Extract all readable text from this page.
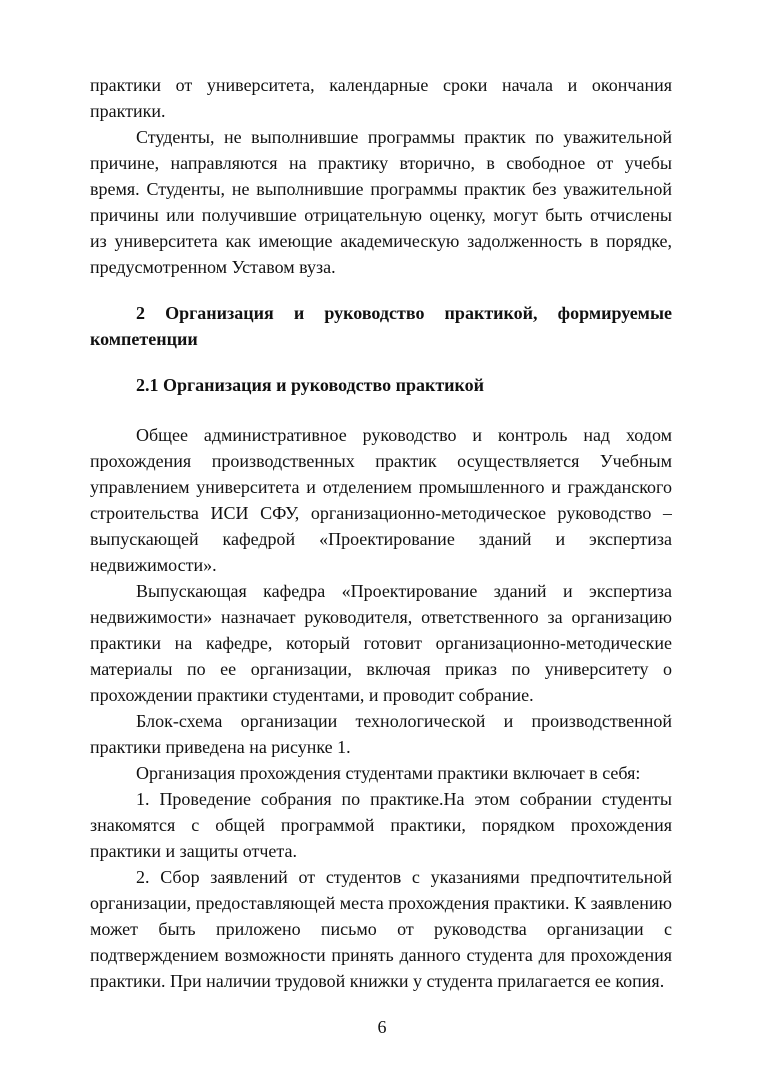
практики от университета, календарные сроки начала и окончания
практики.
Студенты, не выполнившие программы практик по уважительной
причине, направляются на практику вторично, в свободное от учебы
время. Студенты, не выполнившие программы практик без уважительной
причины или получившие отрицательную оценку, могут быть отчислены
из университета как имеющие академическую задолженность в порядке,
предусмотренном Уставом вуза.
2 Организация и руководство практикой, формируемые
компетенции
2.1 Организация и руководство практикой
Общее административное руководство и контроль над ходом
прохождения производственных практик осуществляется Учебным
управлением университета и отделением промышленного и гражданского
строительства ИСИ СФУ, организационно-методическое руководство –
выпускающей кафедрой «Проектирование зданий и экспертиза
недвижимости».
Выпускающая кафедра «Проектирование зданий и экспертиза
недвижимости» назначает руководителя, ответственного за организацию
практики на кафедре, который готовит организационно-методические
материалы по ее организации, включая приказ по университету о
прохождении практики студентами, и проводит собрание.
Блок-схема организации технологической и производственной
практики приведена на рисунке 1.
Организация прохождения студентами практики включает в себя:
1. Проведение собрания по практике.На этом собрании студенты
знакомятся с общей программой практики, порядком прохождения
практики и защиты отчета.
2. Сбор заявлений от студентов с указаниями предпочтительной
организации, предоставляющей места прохождения практики. К заявлению
может быть приложено письмо от руководства организации с
подтверждением возможности принять данного студента для прохождения
практики. При наличии трудовой книжки у студента прилагается ее копия.
6
